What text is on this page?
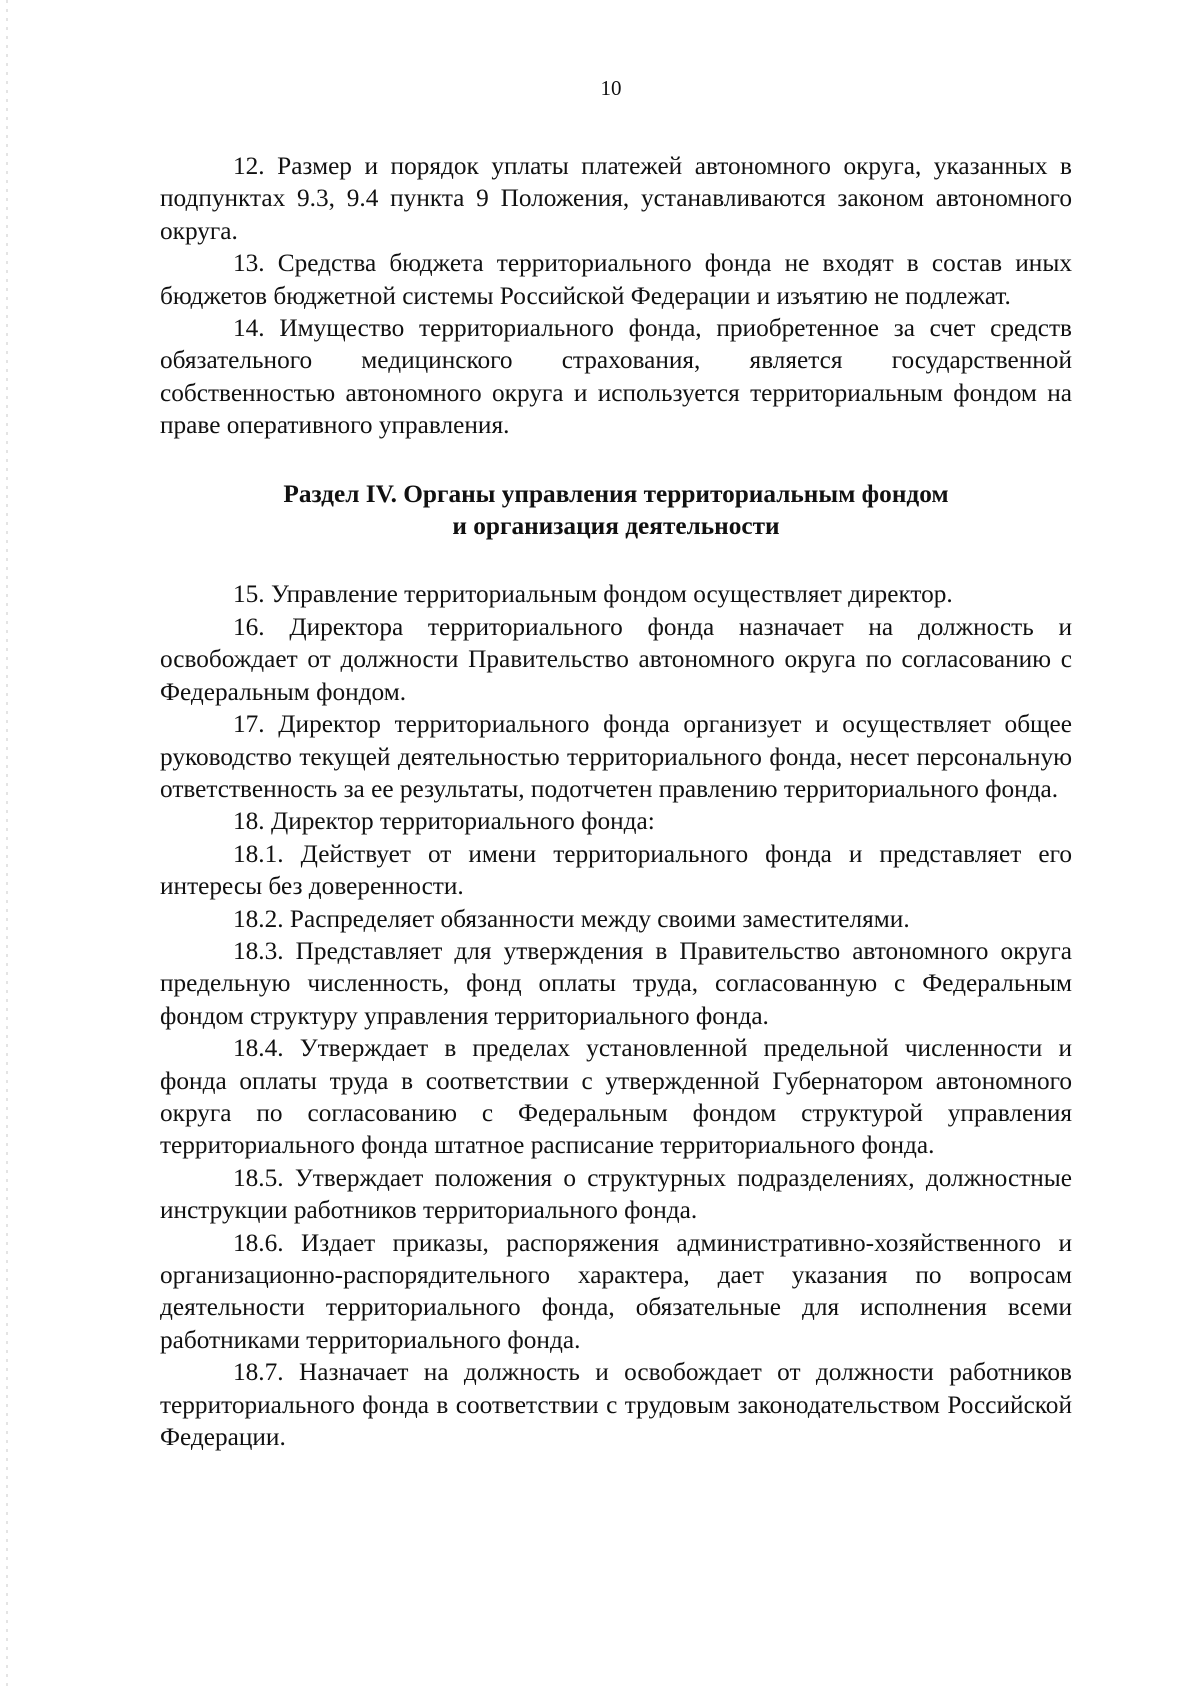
10

12. Размер и порядок уплаты платежей автономного округа, указанных в подпунктах 9.3, 9.4 пункта 9 Положения, устанавливаются законом автономного округа.

13. Средства бюджета территориального фонда не входят в состав иных бюджетов бюджетной системы Российской Федерации и изъятию не подлежат.

14. Имущество территориального фонда, приобретенное за счет средств обязательного медицинского страхования, является государственной собственностью автономного округа и используется территориальным фондом на праве оперативного управления.

Раздел IV. Органы управления территориальным фондом
и организация деятельности

15. Управление территориальным фондом осуществляет директор.

16. Директора территориального фонда назначает на должность и освобождает от должности Правительство автономного округа по согласованию с Федеральным фондом.

17. Директор территориального фонда организует и осуществляет общее руководство текущей деятельностью территориального фонда, несет персональную ответственность за ее результаты, подотчетен правлению территориального фонда.

18. Директор территориального фонда:

18.1. Действует от имени территориального фонда и представляет его интересы без доверенности.

18.2. Распределяет обязанности между своими заместителями.

18.3. Представляет для утверждения в Правительство автономного округа предельную численность, фонд оплаты труда, согласованную с Федеральным фондом структуру управления территориального фонда.

18.4. Утверждает в пределах установленной предельной численности и фонда оплаты труда в соответствии с утвержденной Губернатором автономного округа по согласованию с Федеральным фондом структурой управления территориального фонда штатное расписание территориального фонда.

18.5. Утверждает положения о структурных подразделениях, должностные инструкции работников территориального фонда.

18.6. Издает приказы, распоряжения административно-хозяйственного и организационно-распорядительного характера, дает указания по вопросам деятельности территориального фонда, обязательные для исполнения всеми работниками территориального фонда.

18.7. Назначает на должность и освобождает от должности работников территориального фонда в соответствии с трудовым законодательством Российской Федерации.
